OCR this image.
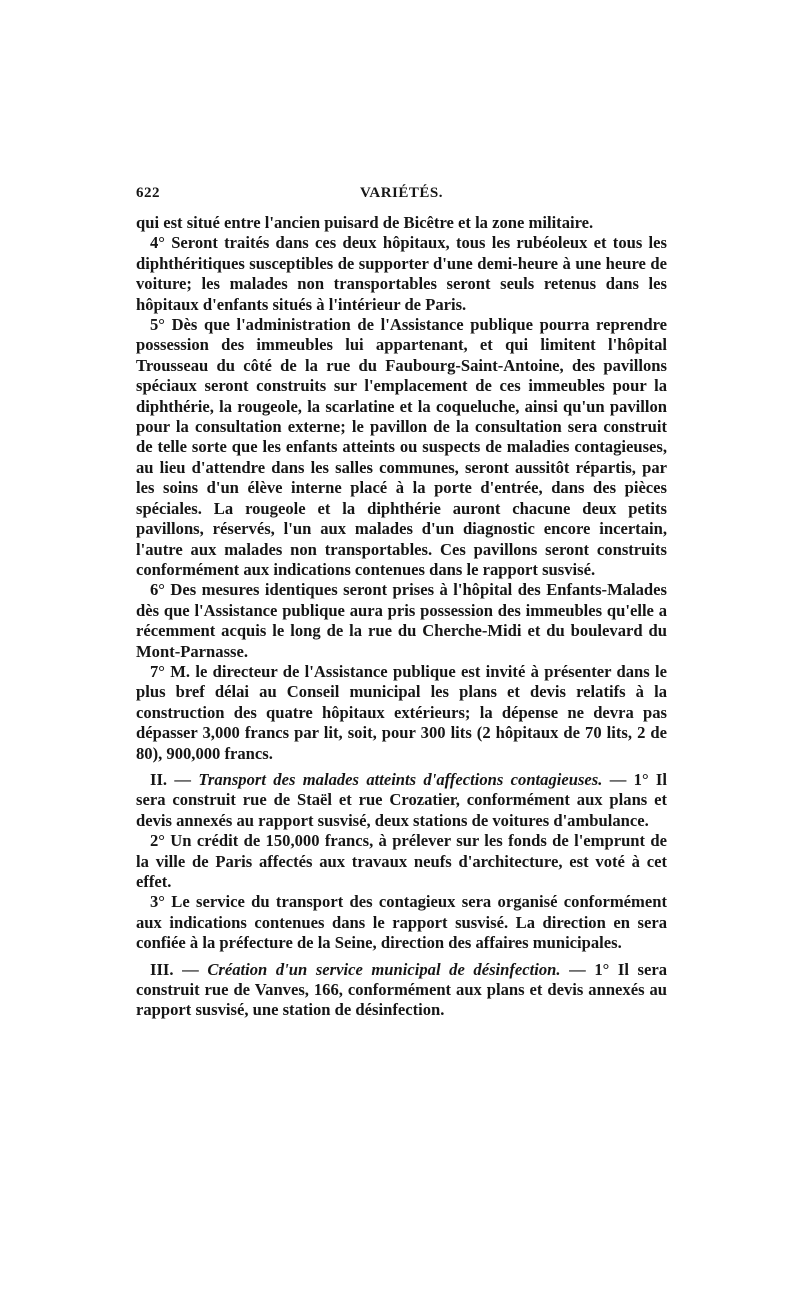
622	VARIÉTÉS.

qui est situé entre l'ancien puisard de Bicêtre et la zone militaire.

4° Seront traités dans ces deux hôpitaux, tous les rubéoleux et tous les diphthéritiques susceptibles de supporter d'une demi-heure à une heure de voiture; les malades non transportables seront seuls retenus dans les hôpitaux d'enfants situés à l'intérieur de Paris.

5° Dès que l'administration de l'Assistance publique pourra reprendre possession des immeubles lui appartenant, et qui limitent l'hôpital Trousseau du côté de la rue du Faubourg-Saint-Antoine, des pavillons spéciaux seront construits sur l'emplacement de ces immeubles pour la diphthérie, la rougeole, la scarlatine et la coqueluche, ainsi qu'un pavillon pour la consultation externe; le pavillon de la consultation sera construit de telle sorte que les enfants atteints ou suspects de maladies contagieuses, au lieu d'attendre dans les salles communes, seront aussitôt répartis, par les soins d'un élève interne placé à la porte d'entrée, dans des pièces spéciales. La rougeole et la diphthérie auront chacune deux petits pavillons, réservés, l'un aux malades d'un diagnostic encore incertain, l'autre aux malades non transportables. Ces pavillons seront construits conformément aux indications contenues dans le rapport susvisé.

6° Des mesures identiques seront prises à l'hôpital des Enfants-Malades dès que l'Assistance publique aura pris possession des immeubles qu'elle a récemment acquis le long de la rue du Cherche-Midi et du boulevard du Mont-Parnasse.

7° M. le directeur de l'Assistance publique est invité à présenter dans le plus bref délai au Conseil municipal les plans et devis relatifs à la construction des quatre hôpitaux extérieurs; la dépense ne devra pas dépasser 3,000 francs par lit, soit, pour 300 lits (2 hôpitaux de 70 lits, 2 de 80), 900,000 francs.

II. — Transport des malades atteints d'affections contagieuses. — 1° Il sera construit rue de Staël et rue Crozatier, conformément aux plans et devis annexés au rapport susvisé, deux stations de voitures d'ambulance.

2° Un crédit de 150,000 francs, à prélever sur les fonds de l'emprunt de la ville de Paris affectés aux travaux neufs d'architecture, est voté à cet effet.

3° Le service du transport des contagieux sera organisé conformément aux indications contenues dans le rapport susvisé. La direction en sera confiée à la préfecture de la Seine, direction des affaires municipales.

III. — Création d'un service municipal de désinfection. — 1° Il sera construit rue de Vanves, 166, conformément aux plans et devis annexés au rapport susvisé, une station de désinfection.
